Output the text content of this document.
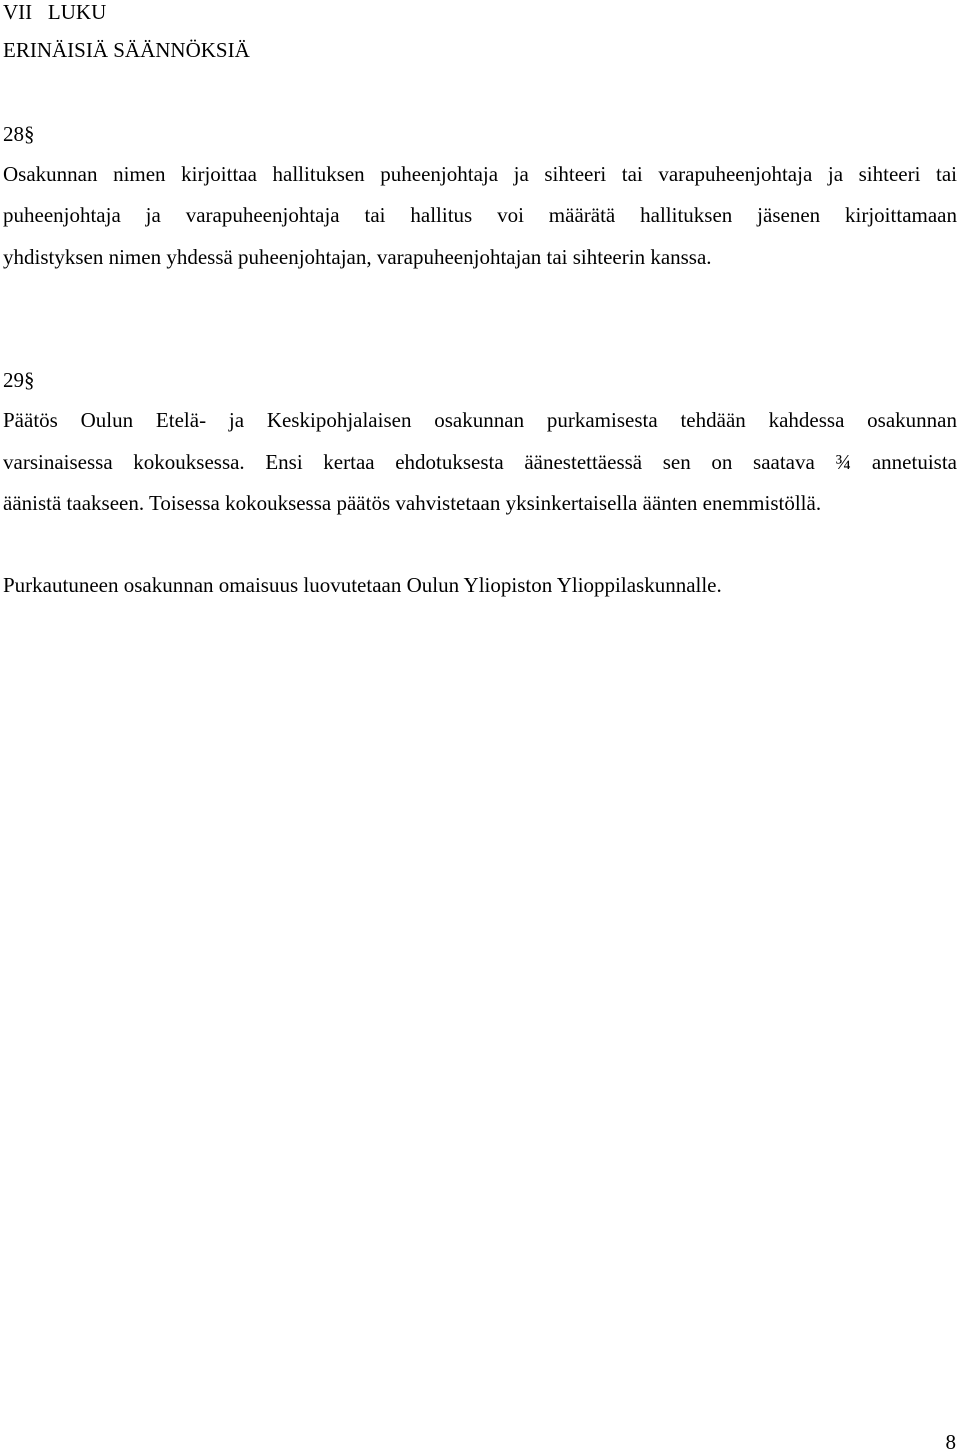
VII LUKU
ERINÄISIÄ SÄÄNNÖKSIÄ
28§
Osakunnan nimen kirjoittaa hallituksen puheenjohtaja ja sihteeri tai varapuheenjohtaja ja sihteeri tai
puheenjohtaja ja varapuheenjohtaja tai hallitus voi määrätä hallituksen jäsenen kirjoittamaan
yhdistyksen nimen yhdessä puheenjohtajan, varapuheenjohtajan tai sihteerin kanssa.
29§
Päätös Oulun Etelä- ja Keskipohjalaisen osakunnan purkamisesta tehdään kahdessa osakunnan
varsinaisessa kokouksessa. Ensi kertaa ehdotuksesta äänestettäessä sen on saatava ¾ annetuista
äänistä taakseen. Toisessa kokouksessa päätös vahvistetaan yksinkertaisella äänten enemmistöllä.
Purkautuneen osakunnan omaisuus luovutetaan Oulun Yliopiston Ylioppilaskunnalle.
8
